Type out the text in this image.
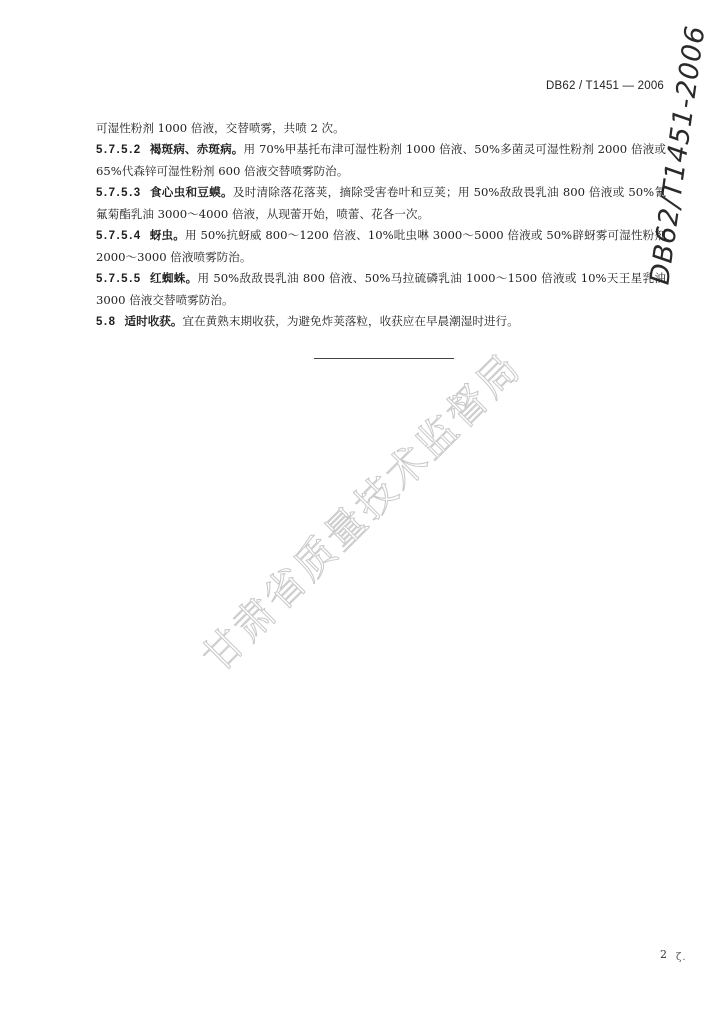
DB62 / T1451 — 2006
DB62/T1451-2006

可湿性粉剂 1000 倍液，交替喷雾，共喷 2 次。

5.7.5.2 褐斑病、赤斑病。用 70%甲基托布津可湿性粉剂 1000 倍液、50%多菌灵可湿性粉剂 2000 倍液或 65%代森锌可湿性粉剂 600 倍液交替喷雾防治。

5.7.5.3 食心虫和豆蟆。及时清除落花落荚，摘除受害卷叶和豆荚；用 50%敌敌畏乳油 800 倍液或 50%氰氟菊酯乳油 3000～4000 倍液，从现蕾开始，喷蕾、花各一次。

5.7.5.4 蚜虫。用 50%抗蚜威 800～1200 倍液、10%吡虫啉 3000～5000 倍液或 50%辟蚜雾可湿性粉剂 2000～3000 倍液喷雾防治。

5.7.5.5 红蜘蛛。用 50%敌敌畏乳油 800 倍液、50%马拉硫磷乳油 1000～1500 倍液或 10%天王星乳油 3000 倍液交替喷雾防治。

5.8 适时收获。宜在黄熟末期收获，为避免炸荚落粒，收获应在早晨潮湿时进行。

甘肃省质量技术监督局
2 ζ.
